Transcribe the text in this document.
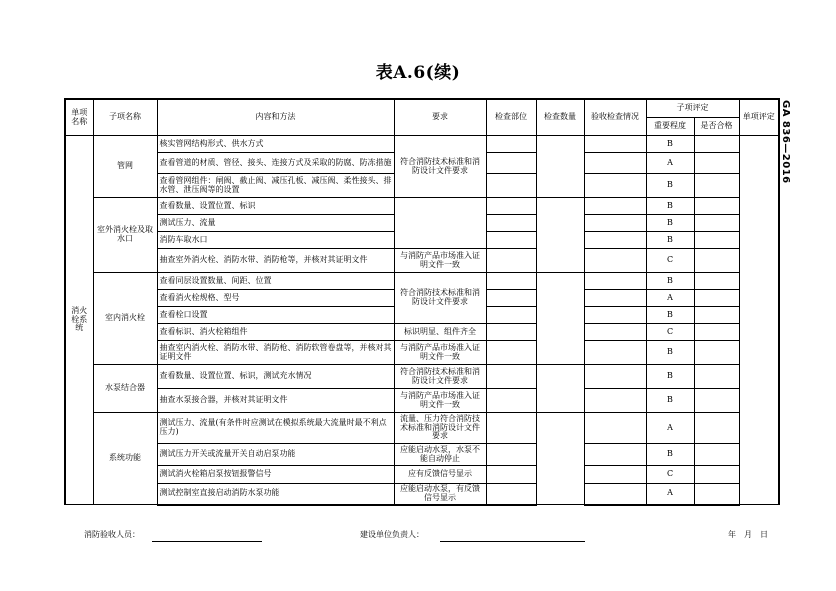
表A.6(续)
GA 836—2016
单项名称	子项名称	内容和方法	要求	检查部位	检查数量	验收检查情况	子项评定		单项评定
							重要程度	是否合格	
消火栓系统	管网	核实管网结构形式、供水方式	符合消防技术标准和消防设计文件要求				B		
		查看管道的材质、管径、接头、连接方式及采取的防腐、防冻措施					A		
		查看管网组件：闸阀、截止阀、减压孔板、减压阀、柔性接头、排水管、泄压阀等的设置					B		
	室外消火栓及取水口	查看数量、设置位置、标识					B		
		测试压力、流量					B		
		消防车取水口					B		
		抽查室外消火栓、消防水带、消防枪等，并核对其证明文件	与消防产品市场准入证明文件一致				C		
	室内消火栓	查看同层设置数量、间距、位置	符合消防技术标准和消防设计文件要求				B		
		查看消火栓规格、型号					A		
		查看栓口设置					B		
		查看标识、消火栓箱组件	标识明显、组件齐全				C		
		抽查室内消火栓、消防水带、消防枪、消防软管卷盘等，并核对其证明文件	与消防产品市场准入证明文件一致				B		
	水泵结合器	查看数量、设置位置、标识，测试充水情况	符合消防技术标准和消防设计文件要求				B		
		抽查水泵接合器，并核对其证明文件	与消防产品市场准入证明文件一致				B		
	系统功能	测试压力、流量(有条件时应测试在模拟系统最大流量时最不利点压力)	流量、压力符合消防技术标准和消防设计文件要求				A		
		测试压力开关或流量开关自动启泵功能	应能启动水泵，水泵不能自动停止				B		
		测试消火栓箱启泵按钮报警信号	应有反馈信号显示				C		
		测试控制室直接启动消防水泵功能	应能启动水泵，有反馈信号显示				A		
消防验收人员：	建设单位负责人：	年　月　日
